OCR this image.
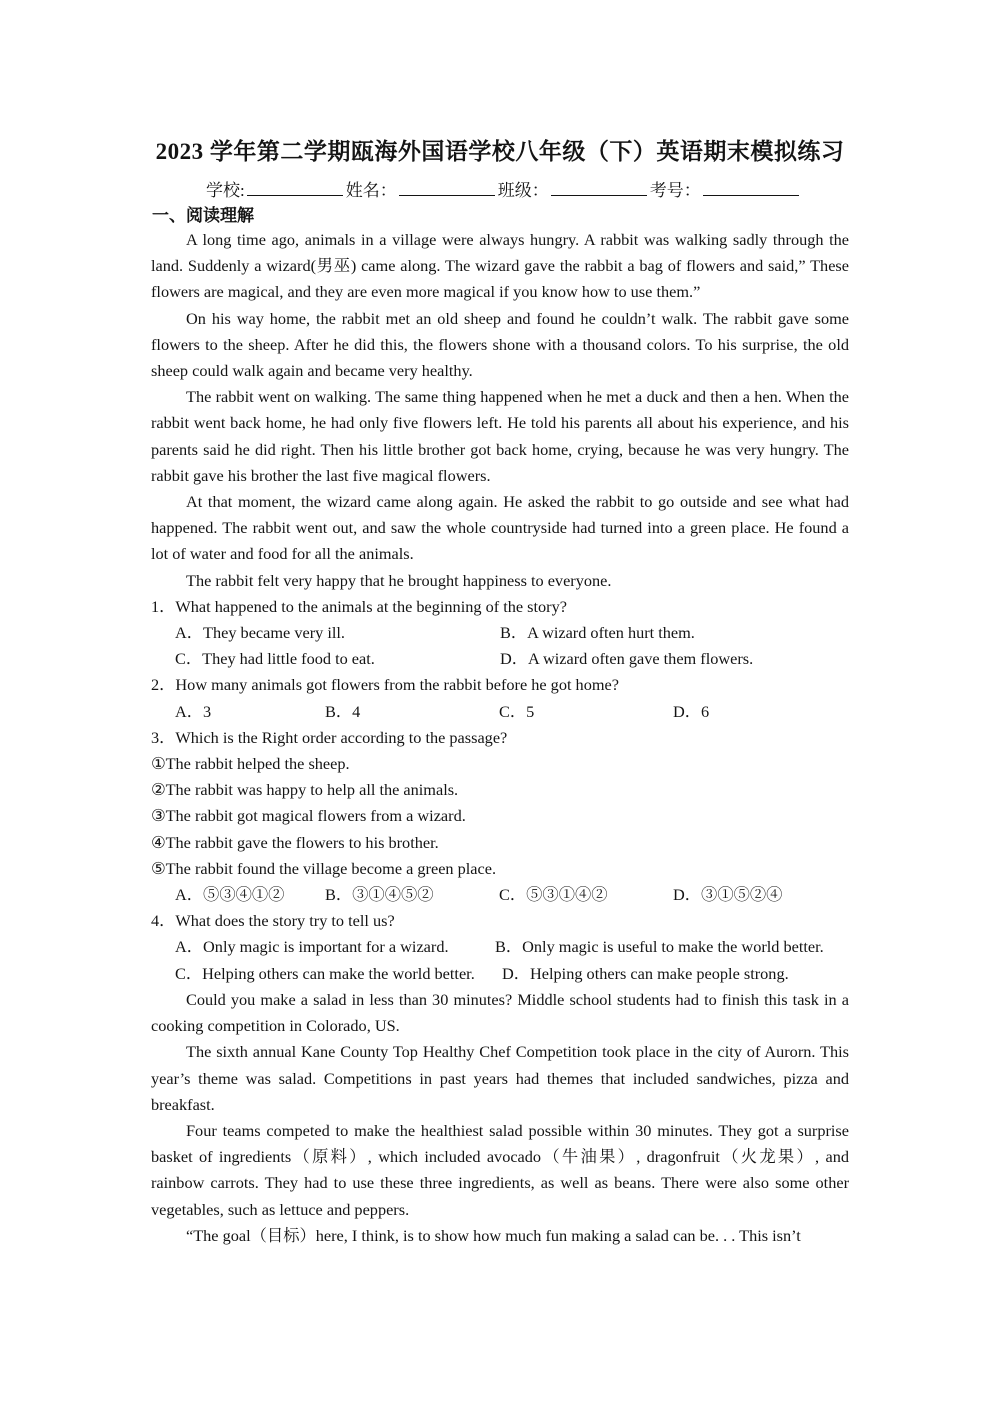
2023 学年第二学期瓯海外国语学校八年级（下）英语期末模拟练习
学校:	姓名：	班级：	考号：
一、阅读理解

A long time ago, animals in a village were always hungry. A rabbit was walking sadly through the land. Suddenly a wizard(男巫) came along. The wizard gave the rabbit a bag of flowers and said,” These flowers are magical, and they are even more magical if you know how to use them.”

On his way home, the rabbit met an old sheep and found he couldn’t walk. The rabbit gave some flowers to the sheep. After he did this, the flowers shone with a thousand colors. To his surprise, the old sheep could walk again and became very healthy.

The rabbit went on walking. The same thing happened when he met a duck and then a hen. When the rabbit went back home, he had only five flowers left. He told his parents all about his experience, and his parents said he did right. Then his little brother got back home, crying, because he was very hungry. The rabbit gave his brother the last five magical flowers.

At that moment, the wizard came along again. He asked the rabbit to go outside and see what had happened. The rabbit went out, and saw the whole countryside had turned into a green place. He found a lot of water and food for all the animals.

The rabbit felt very happy that he brought happiness to everyone.

1．What happened to the animals at the beginning of the story?

A．They became very ill.	B．A wizard often hurt them.
C．They had little food to eat.	D．A wizard often gave them flowers.

2．How many animals got flowers from the rabbit before he got home?

A．3	B．4	C．5	D．6

3．Which is the Right order according to the passage?

①The rabbit helped the sheep.

②The rabbit was happy to help all the animals.

③The rabbit got magical flowers from a wizard.

④The rabbit gave the flowers to his brother.

⑤The rabbit found the village become a green place.

A．⑤③④①②	B．③①④⑤②	C．⑤③①④②	D．③①⑤②④

4．What does the story try to tell us?

A．Only magic is important for a wizard.	B．Only magic is useful to make the world better.
C．Helping others can make the world better.	D．Helping others can make people strong.

Could you make a salad in less than 30 minutes? Middle school students had to finish this task in a cooking competition in Colorado, US.

The sixth annual Kane County Top Healthy Chef Competition took place in the city of Aurorn. This year’s theme was salad. Competitions in past years had themes that included sandwiches, pizza and breakfast.

Four teams competed to make the healthiest salad possible within 30 minutes. They got a surprise basket of ingredients（原料）, which included avocado（牛油果）, dragonfruit（火龙果）, and rainbow carrots. They had to use these three ingredients, as well as beans. There were also some other vegetables, such as lettuce and peppers.

“The goal（目标）here, I think, is to show how much fun making a salad can be. . . This isn’t
